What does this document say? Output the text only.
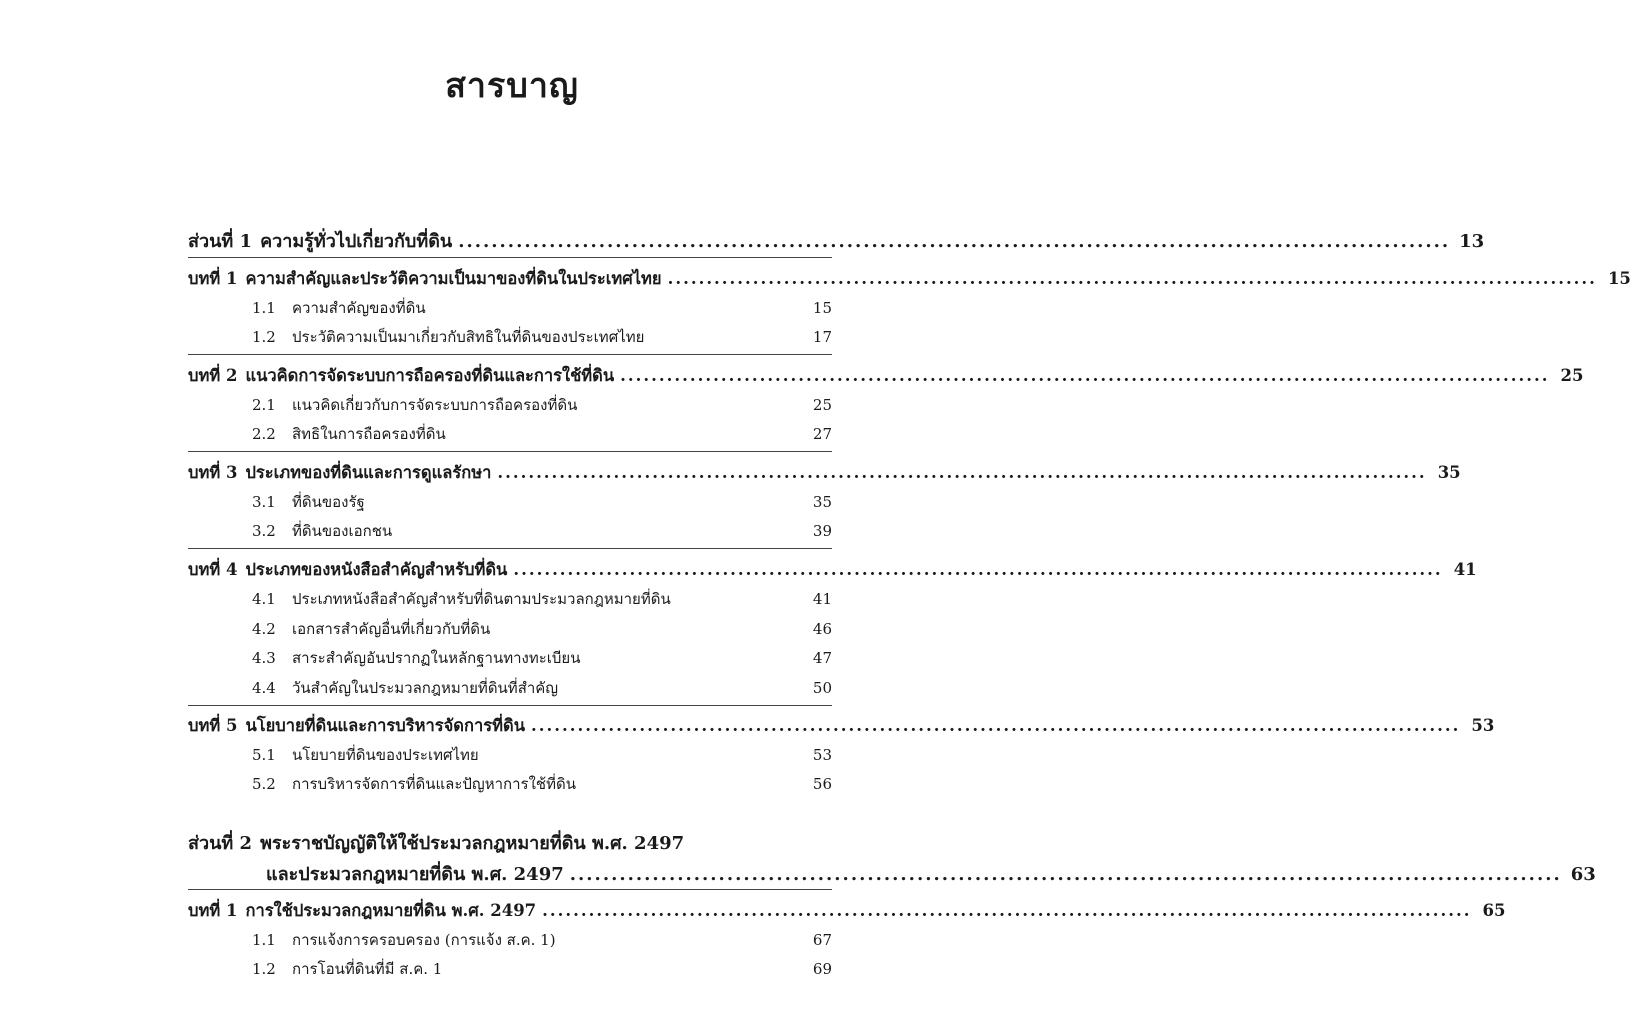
สารบาญ
ส่วนที่ 1 ความรู้ทั่วไปเกี่ยวกับที่ดิน ........................................................................................................................ 13
บทที่ 1 ความสำคัญและประวัติความเป็นมาของที่ดินในประเทศไทย ........................................................................................................................ 15
1.1 ความสำคัญของที่ดิน	15
1.2 ประวัติความเป็นมาเกี่ยวกับสิทธิในที่ดินของประเทศไทย	17
บทที่ 2 แนวคิดการจัดระบบการถือครองที่ดินและการใช้ที่ดิน ........................................................................................................................ 25
2.1 แนวคิดเกี่ยวกับการจัดระบบการถือครองที่ดิน	25
2.2 สิทธิในการถือครองที่ดิน	27
บทที่ 3 ประเภทของที่ดินและการดูแลรักษา ........................................................................................................................ 35
3.1 ที่ดินของรัฐ	35
3.2 ที่ดินของเอกชน	39
บทที่ 4 ประเภทของหนังสือสำคัญสำหรับที่ดิน ........................................................................................................................ 41
4.1 ประเภทหนังสือสำคัญสำหรับที่ดินตามประมวลกฎหมายที่ดิน	41
4.2 เอกสารสำคัญอื่นที่เกี่ยวกับที่ดิน	46
4.3 สาระสำคัญอันปรากฏในหลักฐานทางทะเบียน	47
4.4 วันสำคัญในประมวลกฎหมายที่ดินที่สำคัญ	50
บทที่ 5 นโยบายที่ดินและการบริหารจัดการที่ดิน ........................................................................................................................ 53
5.1 นโยบายที่ดินของประเทศไทย	53
5.2 การบริหารจัดการที่ดินและปัญหาการใช้ที่ดิน	56
ส่วนที่ 2 พระราชบัญญัติให้ใช้ประมวลกฎหมายที่ดิน พ.ศ. 2497
และประมวลกฎหมายที่ดิน พ.ศ. 2497 ........................................................................................................................ 63
บทที่ 1 การใช้ประมวลกฎหมายที่ดิน พ.ศ. 2497 ........................................................................................................................ 65
1.1 การแจ้งการครอบครอง (การแจ้ง ส.ค. 1)	67
1.2 การโอนที่ดินที่มี ส.ค. 1	69
